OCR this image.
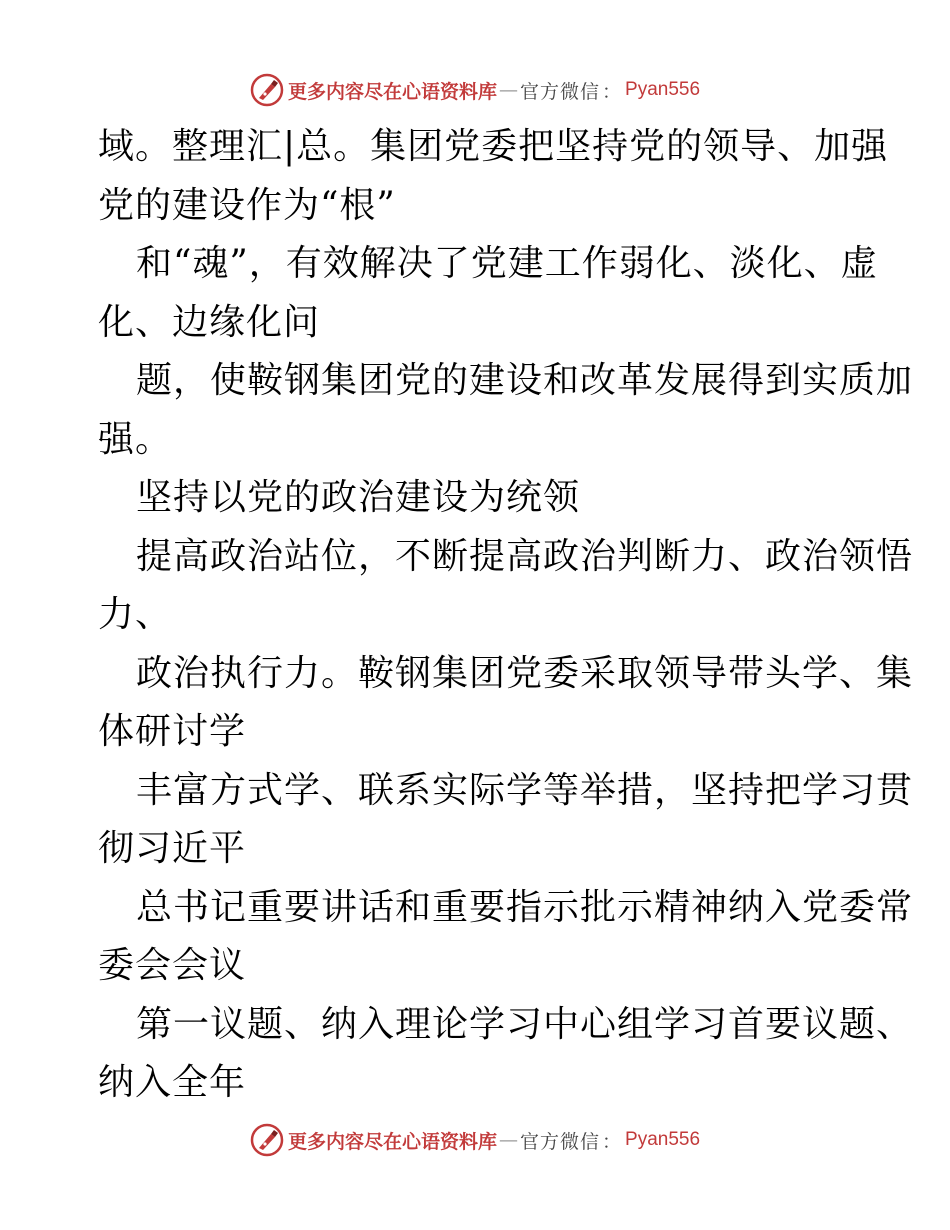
更多内容尽在心语资料库 — 官方微信 ： Pyan556
域。整理汇|总。集团党委把坚持党的领导、加强
党的建设作为“根”
和“魂”，有效解决了党建工作弱化、淡化、虚
化、边缘化问
题，使鞍钢集团党的建设和改革发展得到实质加
强。
坚持以党的政治建设为统领
提高政治站位，不断提高政治判断力、政治领悟
力、
政治执行力。鞍钢集团党委采取领导带头学、集
体研讨学
丰富方式学、联系实际学等举措，坚持把学习贯
彻习近平
总书记重要讲话和重要指示批示精神纳入党委常
委会会议
第一议题、纳入理论学习中心组学习首要议题、
纳入全年
更多内容尽在心语资料库 — 官方微信 ： Pyan556
